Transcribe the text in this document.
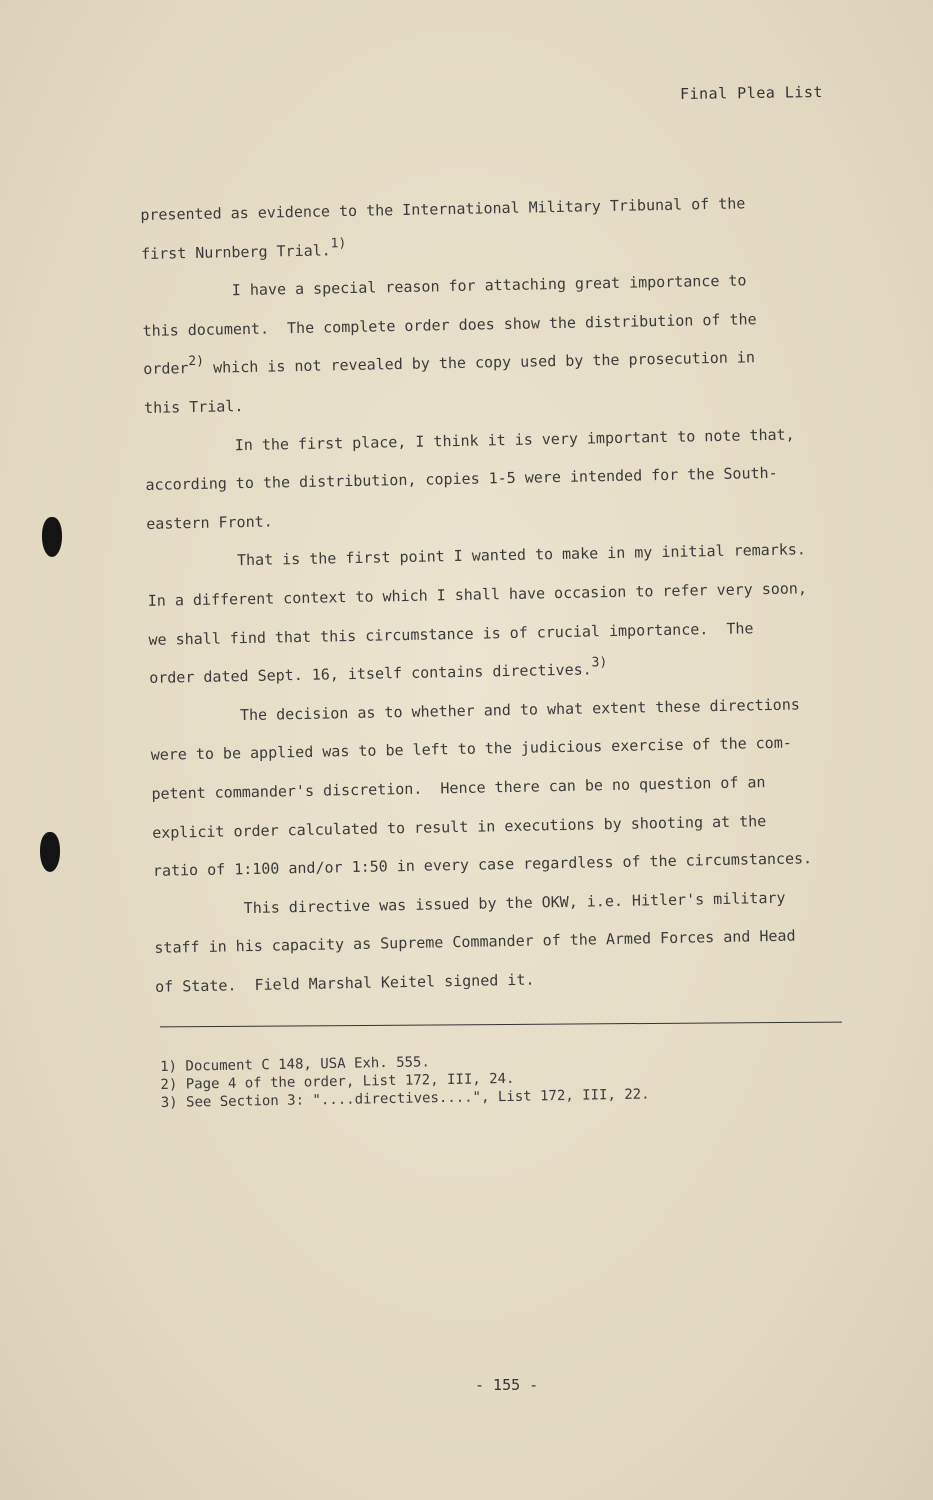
Final Plea List
presented as evidence to the International Military Tribunal of the
first Nurnberg Trial.$^{1)}$
I have a special reason for attaching great importance to
this document.  The complete order does show the distribution of the
order$^{2)}$ which is not revealed by the copy used by the prosecution in
this Trial.
In the first place, I think it is very important to note that,
according to the distribution, copies 1-5 were intended for the South-
eastern Front.
That is the first point I wanted to make in my initial remarks.
In a different context to which I shall have occasion to refer very soon,
we shall find that this circumstance is of crucial importance.  The
order dated Sept. 16, itself contains directives.$^{3)}$
The decision as to whether and to what extent these directions
were to be applied was to be left to the judicious exercise of the com-
petent commander's discretion.  Hence there can be no question of an
explicit order calculated to result in executions by shooting at the
ratio of 1:100 and/or 1:50 in every case regardless of the circumstances.
This directive was issued by the OKW, i.e. Hitler's military
staff in his capacity as Supreme Commander of the Armed Forces and Head
of State.  Field Marshal Keitel signed it.
1) Document C 148, USA Exh. 555.
2) Page 4 of the order, List 172, III, 24.
3) See Section 3: "....directives....", List 172, III, 22.
- 155 -
